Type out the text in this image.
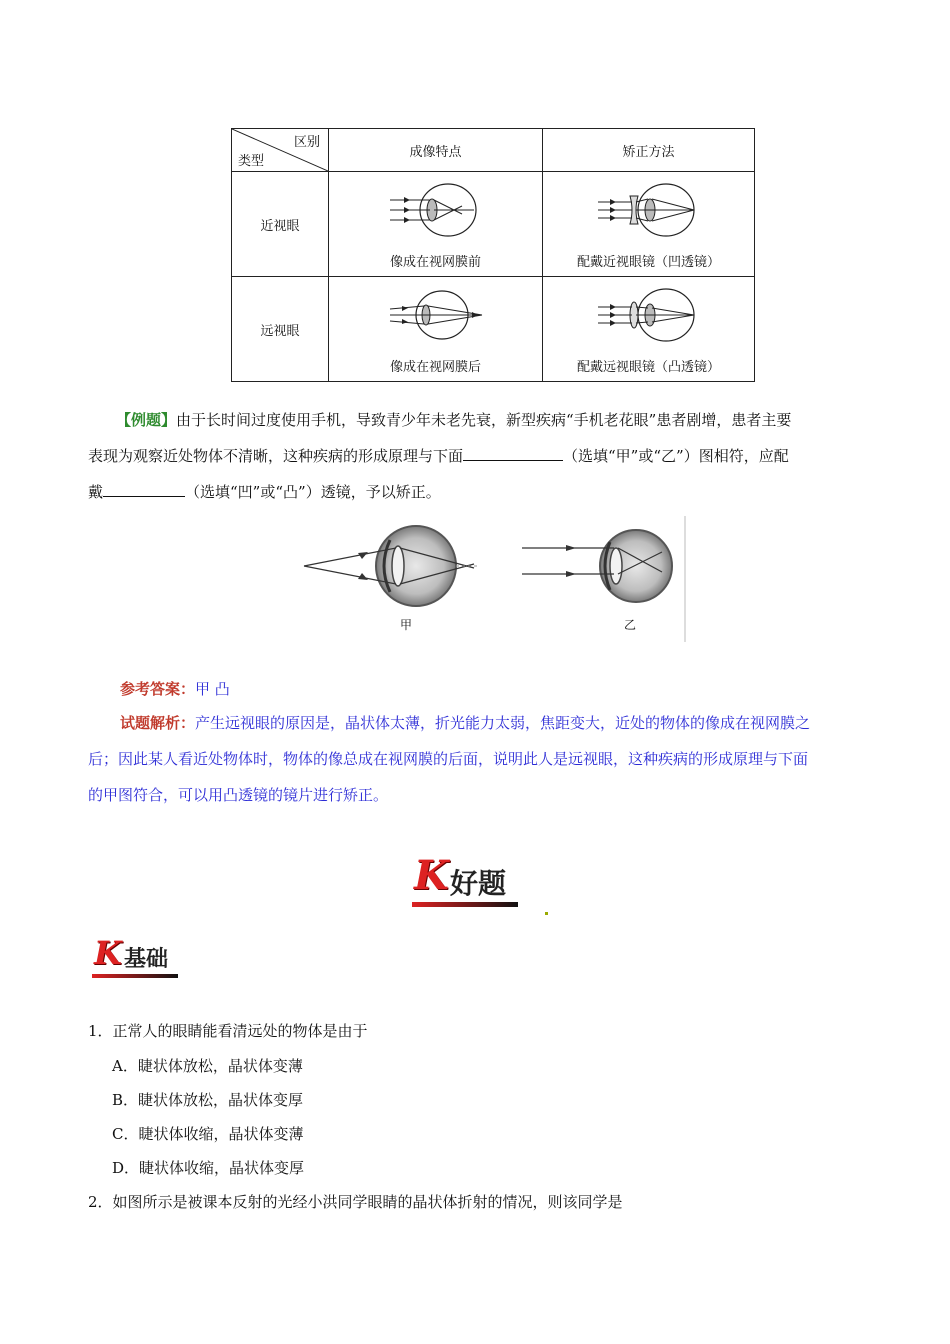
区别
类型	成像特点	矫正方法
近视眼	像成在视网膜前	配戴近视眼镜（凹透镜）

远视眼	像成在视网膜后	配戴远视眼镜（凸透镜）
【例题】由于长时间过度使用手机，导致青少年未老先衰，新型疾病“手机老花眼”患者剧增，患者主要
表现为观察近处物体不清晰，这种疾病的形成原理与下面	（选填“甲”或“乙”）图相符，应配
戴	（选填“凹”或“凸”）透镜，予以矫正。
甲	乙
参考答案：甲 凸
试题解析：产生远视眼的原因是，晶状体太薄，折光能力太弱，焦距变大，近处的物体的像成在视网膜之
后；因此某人看近处物体时，物体的像总成在视网膜的后面，说明此人是远视眼，这种疾病的形成原理与下面
的甲图符合，可以用凸透镜的镜片进行矫正。
K 好题
K 基础
1．正常人的眼睛能看清远处的物体是由于
A．睫状体放松，晶状体变薄
B．睫状体放松，晶状体变厚
C．睫状体收缩，晶状体变薄
D．睫状体收缩，晶状体变厚
2．如图所示是被课本反射的光经小洪同学眼睛的晶状体折射的情况，则该同学是
